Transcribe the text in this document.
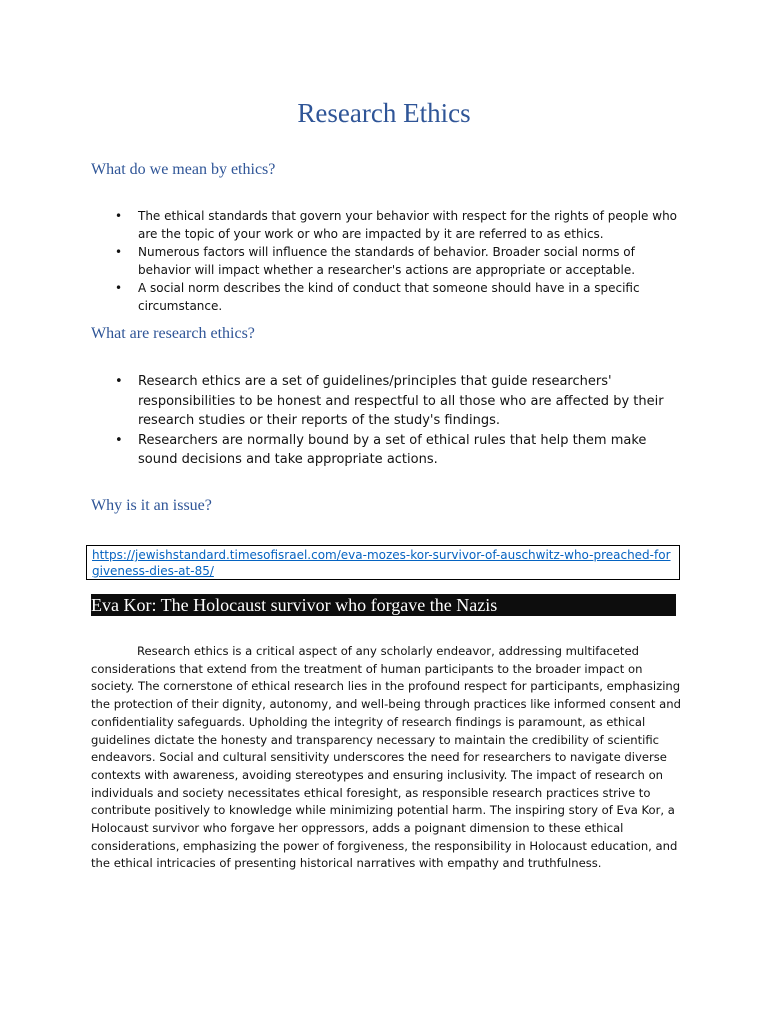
Research Ethics
What do we mean by ethics?
• The ethical standards that govern your behavior with respect for the rights of people who are the topic of your work or who are impacted by it are referred to as ethics.
• Numerous factors will influence the standards of behavior. Broader social norms of behavior will impact whether a researcher's actions are appropriate or acceptable.
• A social norm describes the kind of conduct that someone should have in a specific circumstance.
What are research ethics?
• Research ethics are a set of guidelines/principles that guide researchers' responsibilities to be honest and respectful to all those who are affected by their research studies or their reports of the study's findings.
• Researchers are normally bound by a set of ethical rules that help them make sound decisions and take appropriate actions.
Why is it an issue?
https://jewishstandard.timesofisrael.com/eva-mozes-kor-survivor-of-auschwitz-who-preached-forgiveness-dies-at-85/
Eva Kor: The Holocaust survivor who forgave the Nazis

Research ethics is a critical aspect of any scholarly endeavor, addressing multifaceted considerations that extend from the treatment of human participants to the broader impact on society. The cornerstone of ethical research lies in the profound respect for participants, emphasizing the protection of their dignity, autonomy, and well-being through practices like informed consent and confidentiality safeguards. Upholding the integrity of research findings is paramount, as ethical guidelines dictate the honesty and transparency necessary to maintain the credibility of scientific endeavors. Social and cultural sensitivity underscores the need for researchers to navigate diverse contexts with awareness, avoiding stereotypes and ensuring inclusivity. The impact of research on individuals and society necessitates ethical foresight, as responsible research practices strive to contribute positively to knowledge while minimizing potential harm. The inspiring story of Eva Kor, a Holocaust survivor who forgave her oppressors, adds a poignant dimension to these ethical considerations, emphasizing the power of forgiveness, the responsibility in Holocaust education, and the ethical intricacies of presenting historical narratives with empathy and truthfulness.
